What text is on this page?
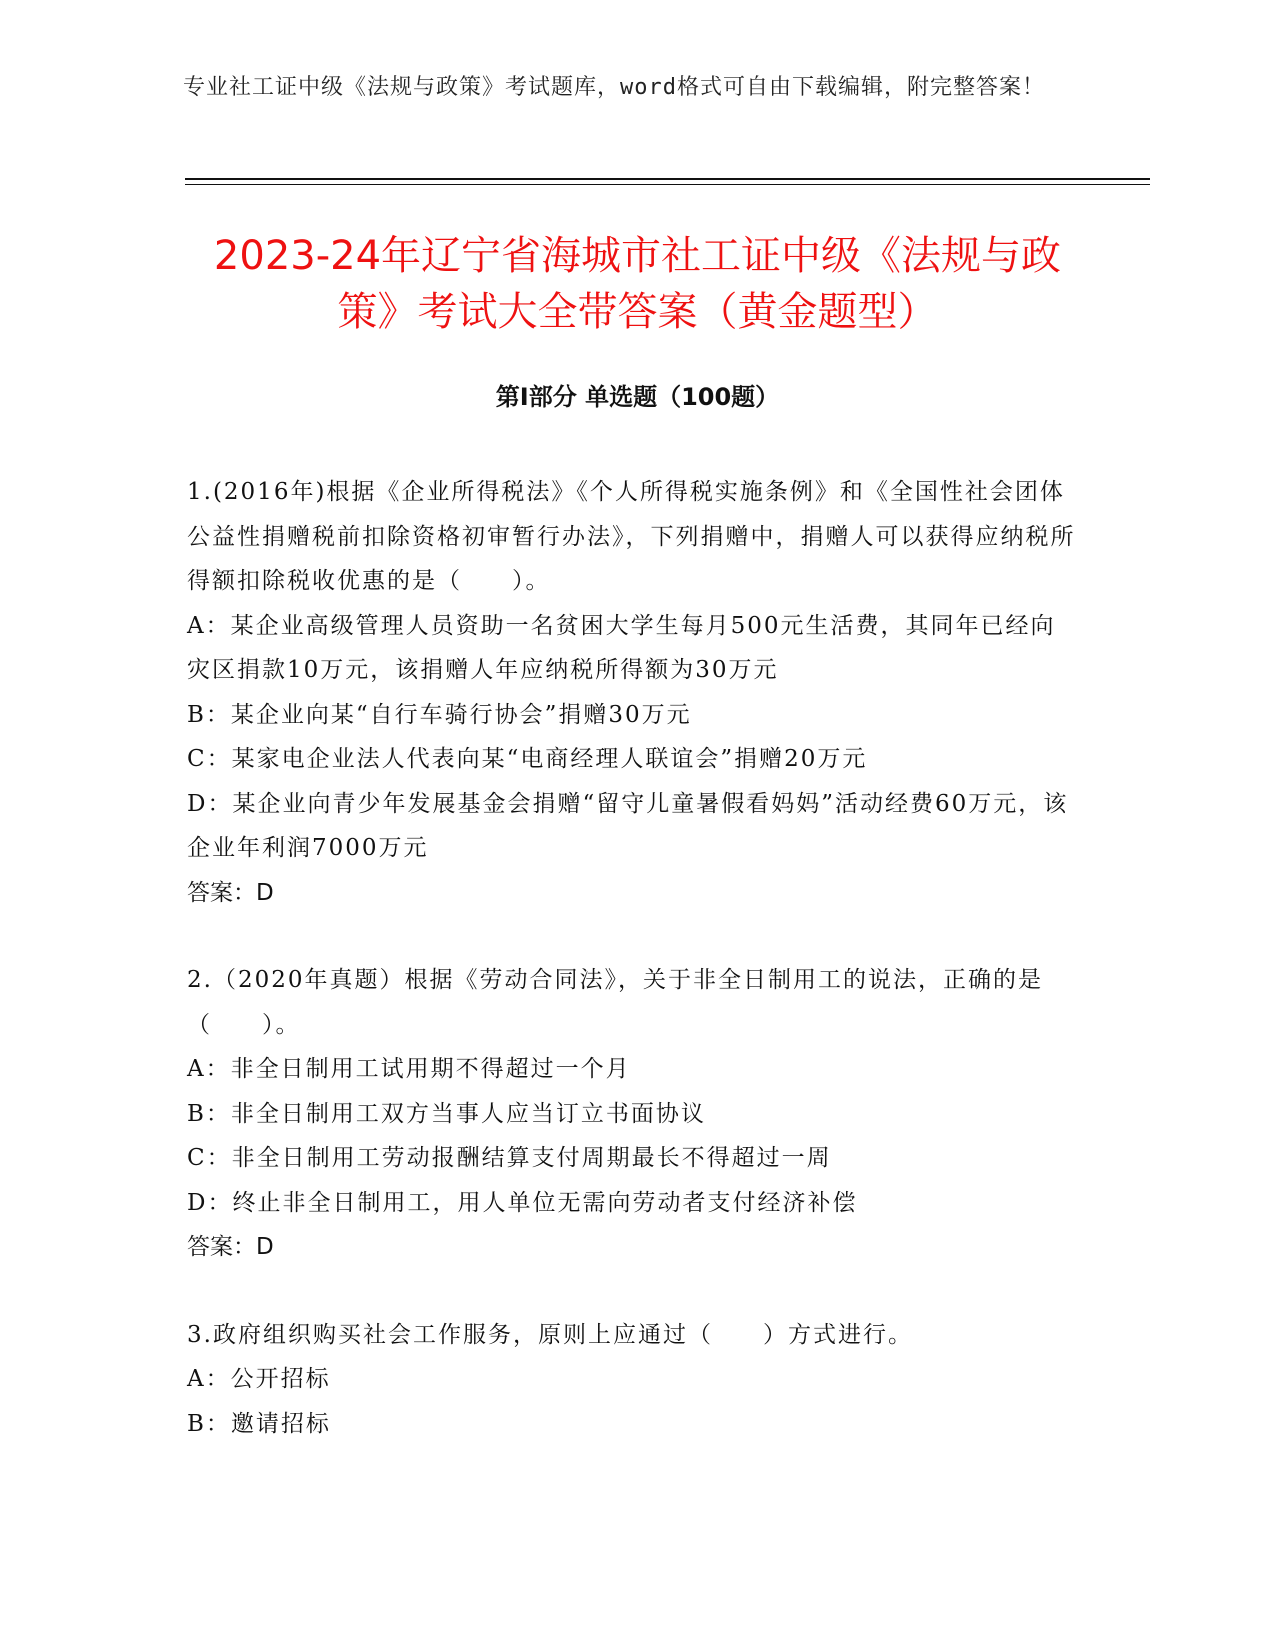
专业社工证中级《法规与政策》考试题库，word格式可自由下载编辑，附完整答案！
2023-24年辽宁省海城市社工证中级《法规与政策》考试大全带答案（黄金题型）
第I部分 单选题（100题）

1.(2016年)根据《企业所得税法》《个人所得税实施条例》和《全国性社会团体公益性捐赠税前扣除资格初审暂行办法》，下列捐赠中，捐赠人可以获得应纳税所得额扣除税收优惠的是（　　）。

A：某企业高级管理人员资助一名贫困大学生每月500元生活费，其同年已经向灾区捐款10万元，该捐赠人年应纳税所得额为30万元

B：某企业向某“自行车骑行协会”捐赠30万元

C：某家电企业法人代表向某“电商经理人联谊会”捐赠20万元

D：某企业向青少年发展基金会捐赠“留守儿童暑假看妈妈”活动经费60万元，该企业年利润7000万元

答案：D

2.（2020年真题）根据《劳动合同法》，关于非全日制用工的说法，正确的是（　　）。

A：非全日制用工试用期不得超过一个月

B：非全日制用工双方当事人应当订立书面协议

C：非全日制用工劳动报酬结算支付周期最长不得超过一周

D：终止非全日制用工，用人单位无需向劳动者支付经济补偿

答案：D

3.政府组织购买社会工作服务，原则上应通过（　　）方式进行。

A：公开招标

B：邀请招标
